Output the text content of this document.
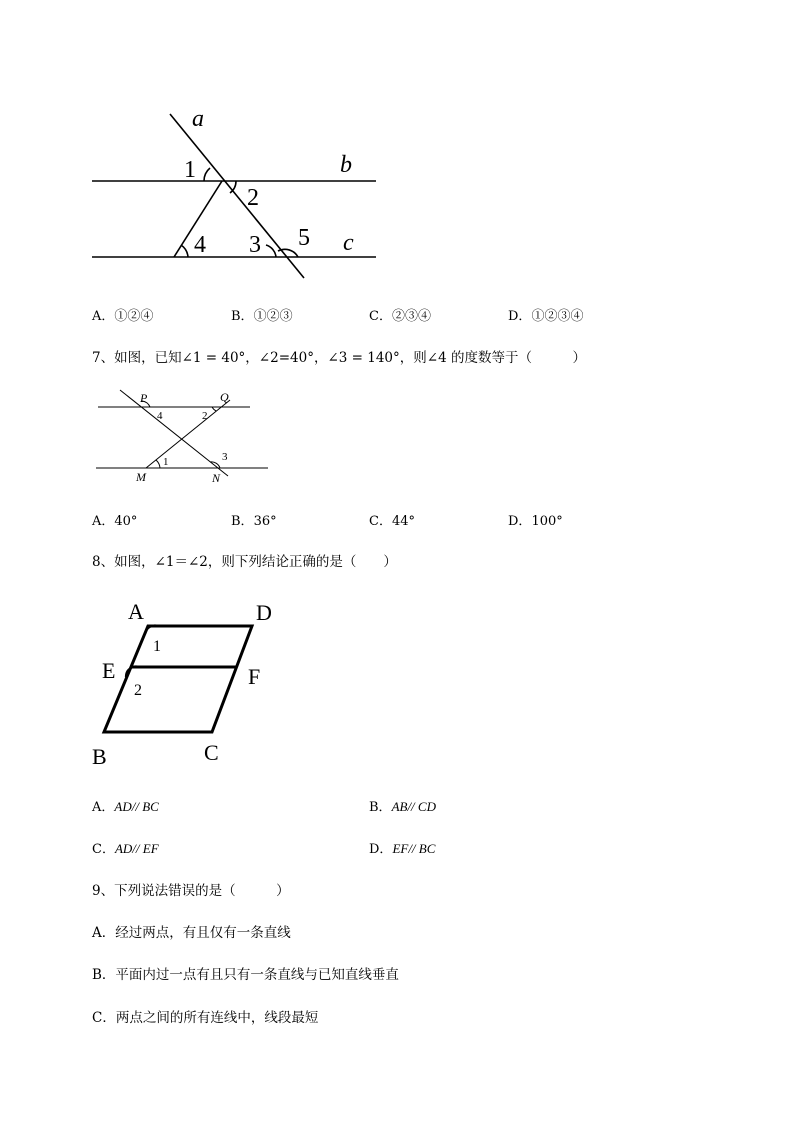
a
b
c
1
2
4 3 5
A．①②④	B．①②③	C．②③④	D．①②③④
7、如图，已知∠1 = 40°，∠2=40°，∠3 = 140°，则∠4 的度数等于（　　　）
P	Q
M	N
4	2
1	3
A．40°	B．36°	C．44°	D．100°
8、如图，∠1＝∠2，则下列结论正确的是（　　）
A	D
E	F
B	C
1
2
A．AD// BC	B．AB// CD
C．AD// EF	D．EF// BC
9、下列说法错误的是（　　　）
A．经过两点，有且仅有一条直线
B．平面内过一点有且只有一条直线与已知直线垂直
C．两点之间的所有连线中，线段最短
